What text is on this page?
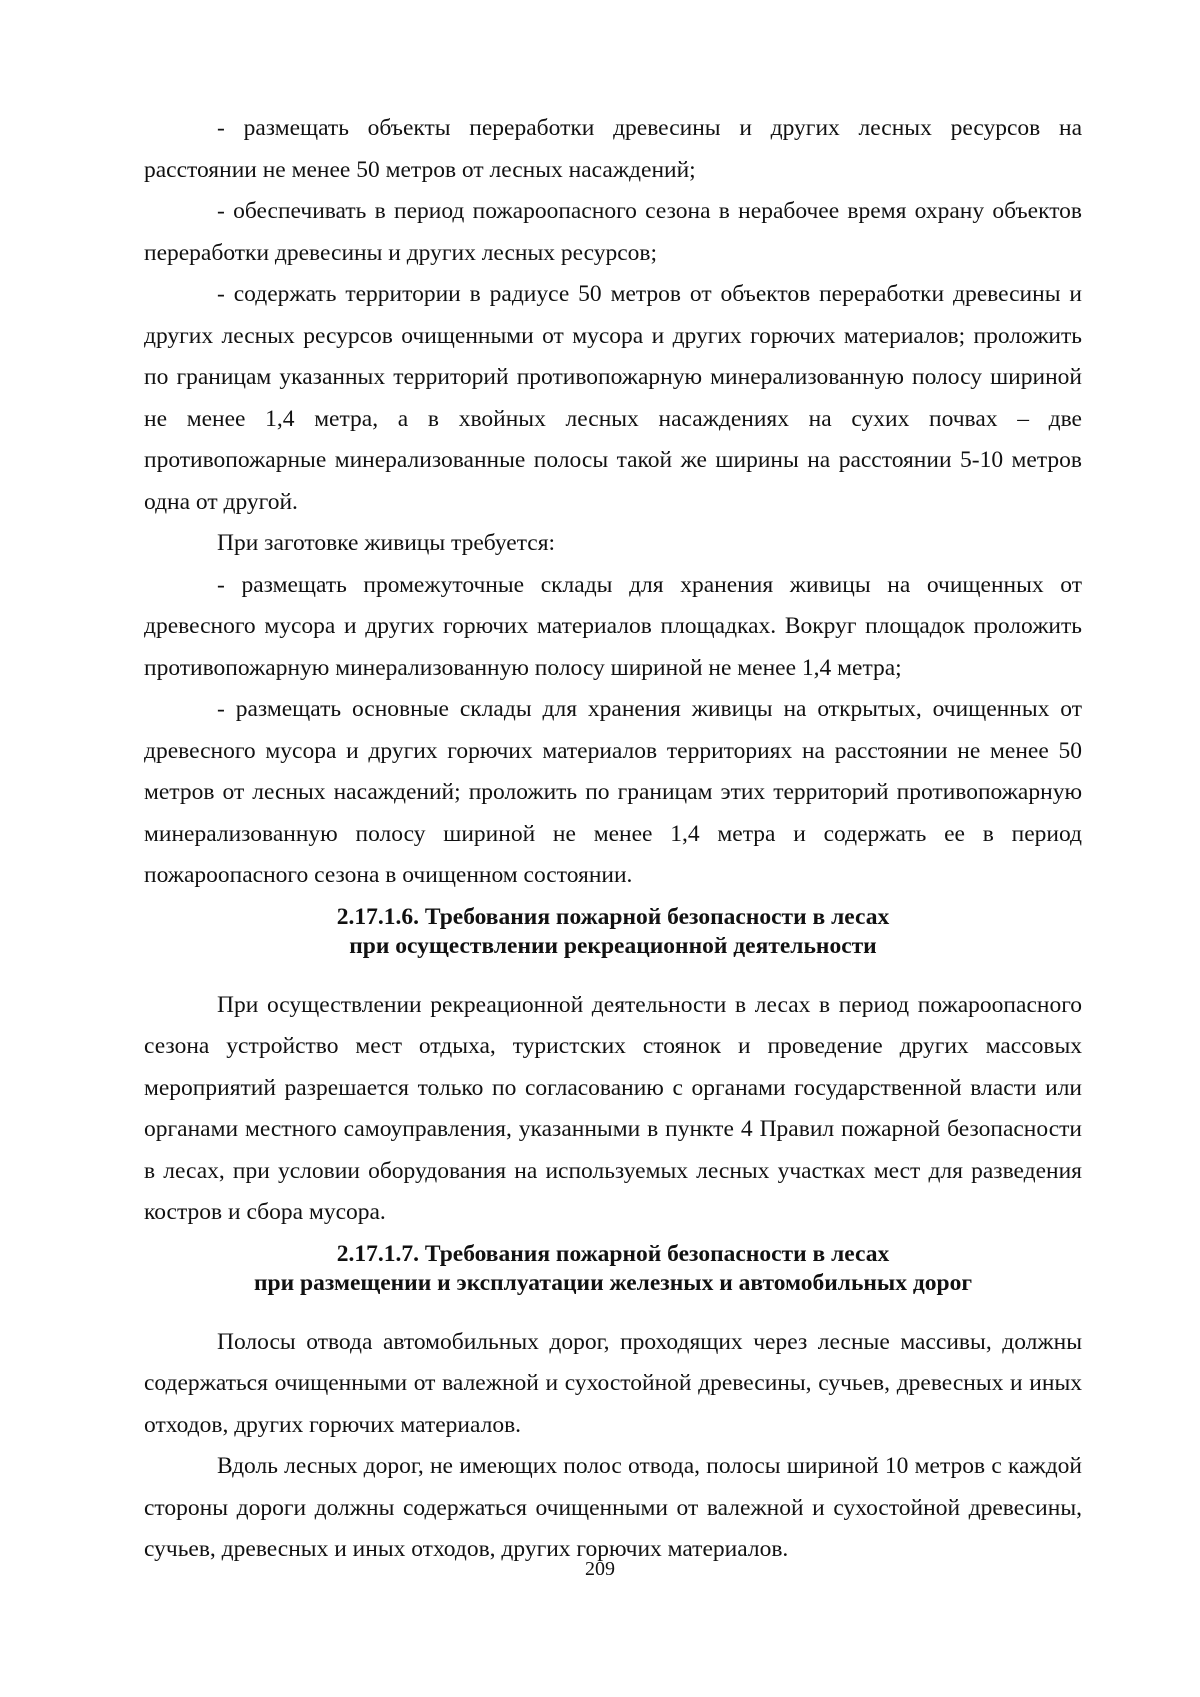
- размещать объекты переработки древесины и других лесных ресурсов на расстоянии не менее 50 метров от лесных насаждений;

- обеспечивать в период пожароопасного сезона в нерабочее время охрану объектов переработки древесины и других лесных ресурсов;

- содержать территории в радиусе 50 метров от объектов переработки древесины и других лесных ресурсов очищенными от мусора и других горючих материалов; проложить по границам указанных территорий противопожарную минерализованную полосу шириной не менее 1,4 метра, а в хвойных лесных насаждениях на сухих почвах – две противопожарные минерализованные полосы такой же ширины на расстоянии 5-10 метров одна от другой.

При заготовке живицы требуется:

- размещать промежуточные склады для хранения живицы на очищенных от древесного мусора и других горючих материалов площадках. Вокруг площадок проложить противопожарную минерализованную полосу шириной не менее 1,4 метра;

- размещать основные склады для хранения живицы на открытых, очищенных от древесного мусора и других горючих материалов территориях на расстоянии не менее 50 метров от лесных насаждений; проложить по границам этих территорий противопожарную минерализованную полосу шириной не менее 1,4 метра и содержать ее в период пожароопасного сезона в очищенном состоянии.

2.17.1.6. Требования пожарной безопасности в лесах
при осуществлении рекреационной деятельности

При осуществлении рекреационной деятельности в лесах в период пожароопасного сезона устройство мест отдыха, туристских стоянок и проведение других массовых мероприятий разрешается только по согласованию с органами государственной власти или органами местного самоуправления, указанными в пункте 4 Правил пожарной безопасности в лесах, при условии оборудования на используемых лесных участках мест для разведения костров и сбора мусора.

2.17.1.7. Требования пожарной безопасности в лесах
при размещении и эксплуатации железных и автомобильных дорог

Полосы отвода автомобильных дорог, проходящих через лесные массивы, должны содержаться очищенными от валежной и сухостойной древесины, сучьев, древесных и иных отходов, других горючих материалов.

Вдоль лесных дорог, не имеющих полос отвода, полосы шириной 10 метров с каждой стороны дороги должны содержаться очищенными от валежной и сухостойной древесины, сучьев, древесных и иных отходов, других горючих материалов.

209
